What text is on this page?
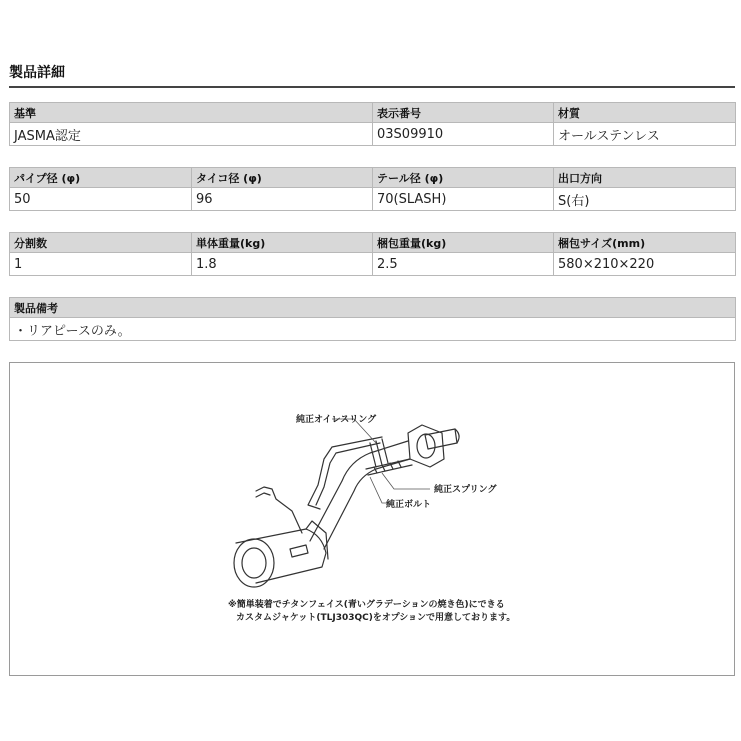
製品詳細
基準	表示番号	材質
JASMA認定	03S09910	オールステンレス
パイプ径 (φ)	タイコ径 (φ)	テール径 (φ)	出口方向
50	96	70(SLASH)	S(右)
分割数	単体重量(kg)	梱包重量(kg)	梱包サイズ(mm)
1	1.8	2.5	580×210×220
製品備考
・リアピースのみ。
純正オイレスリング
純正スプリング
純正ボルト
※簡単装着でチタンフェイス(青いグラデーションの焼き色)にできる
カスタムジャケット(TLJ303QC)をオプションで用意しております。
